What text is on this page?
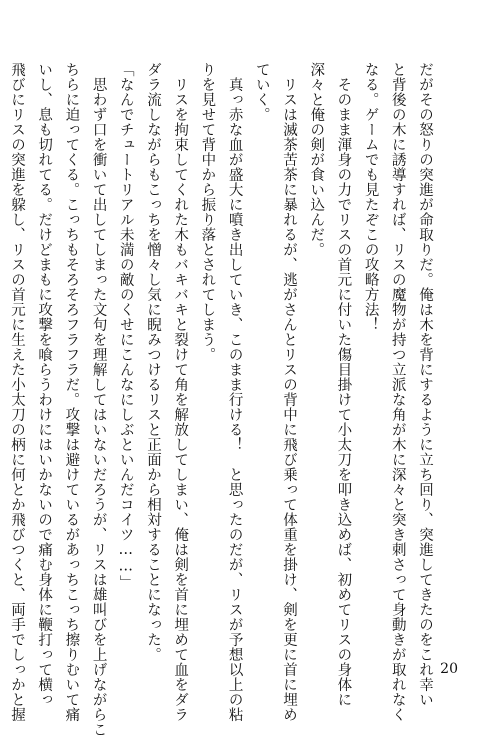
だがその怒りの突進が命取りだ。俺は木を背にするように立ち回り、突進してきたのをこれ幸い
と背後の木に誘導すれば、リスの魔物が持つ立派な角が木に深々と突き刺さって身動きが取れなく
なる。ゲームでも見たぞこの攻略方法！
　そのまま渾身の力でリスの首元に付いた傷目掛けて小太刀を叩き込めば、初めてリスの身体に
深々と俺の剣が食い込んだ。
　リスは滅茶苦茶に暴れるが、逃がさんとリスの背中に飛び乗って体重を掛け、剣を更に首に埋め
ていく。
　真っ赤な血が盛大に噴き出していき、このまま行ける！　と思ったのだが、リスが予想以上の粘
りを見せて背中から振り落とされてしまう。
　リスを拘束してくれた木もバキバキと裂けて角を解放してしまい、俺は剣を首に埋めて血をダラ
ダラ流しながらもこっちを憎々し気に睨みつけるリスと正面から相対することになった。
「なんでチュートリアル未満の敵のくせにこんなにしぶといんだコイツ……」
　思わず口を衝いて出してしまった文句を理解してはいないだろうが、リスは雄叫びを上げながらこ
ちらに迫ってくる。こっちもそろそろフラフラだ。攻撃は避けているがあっちこっち擦りむいて痛
いし、息も切れてる。だけどまもに攻撃を喰らうわけにはいかないので痛む身体に鞭打って横っ
飛びにリスの突進を躱し、リスの首元に生えた小太刀の柄に何とか飛びつくと、両手でしっかと握	20
